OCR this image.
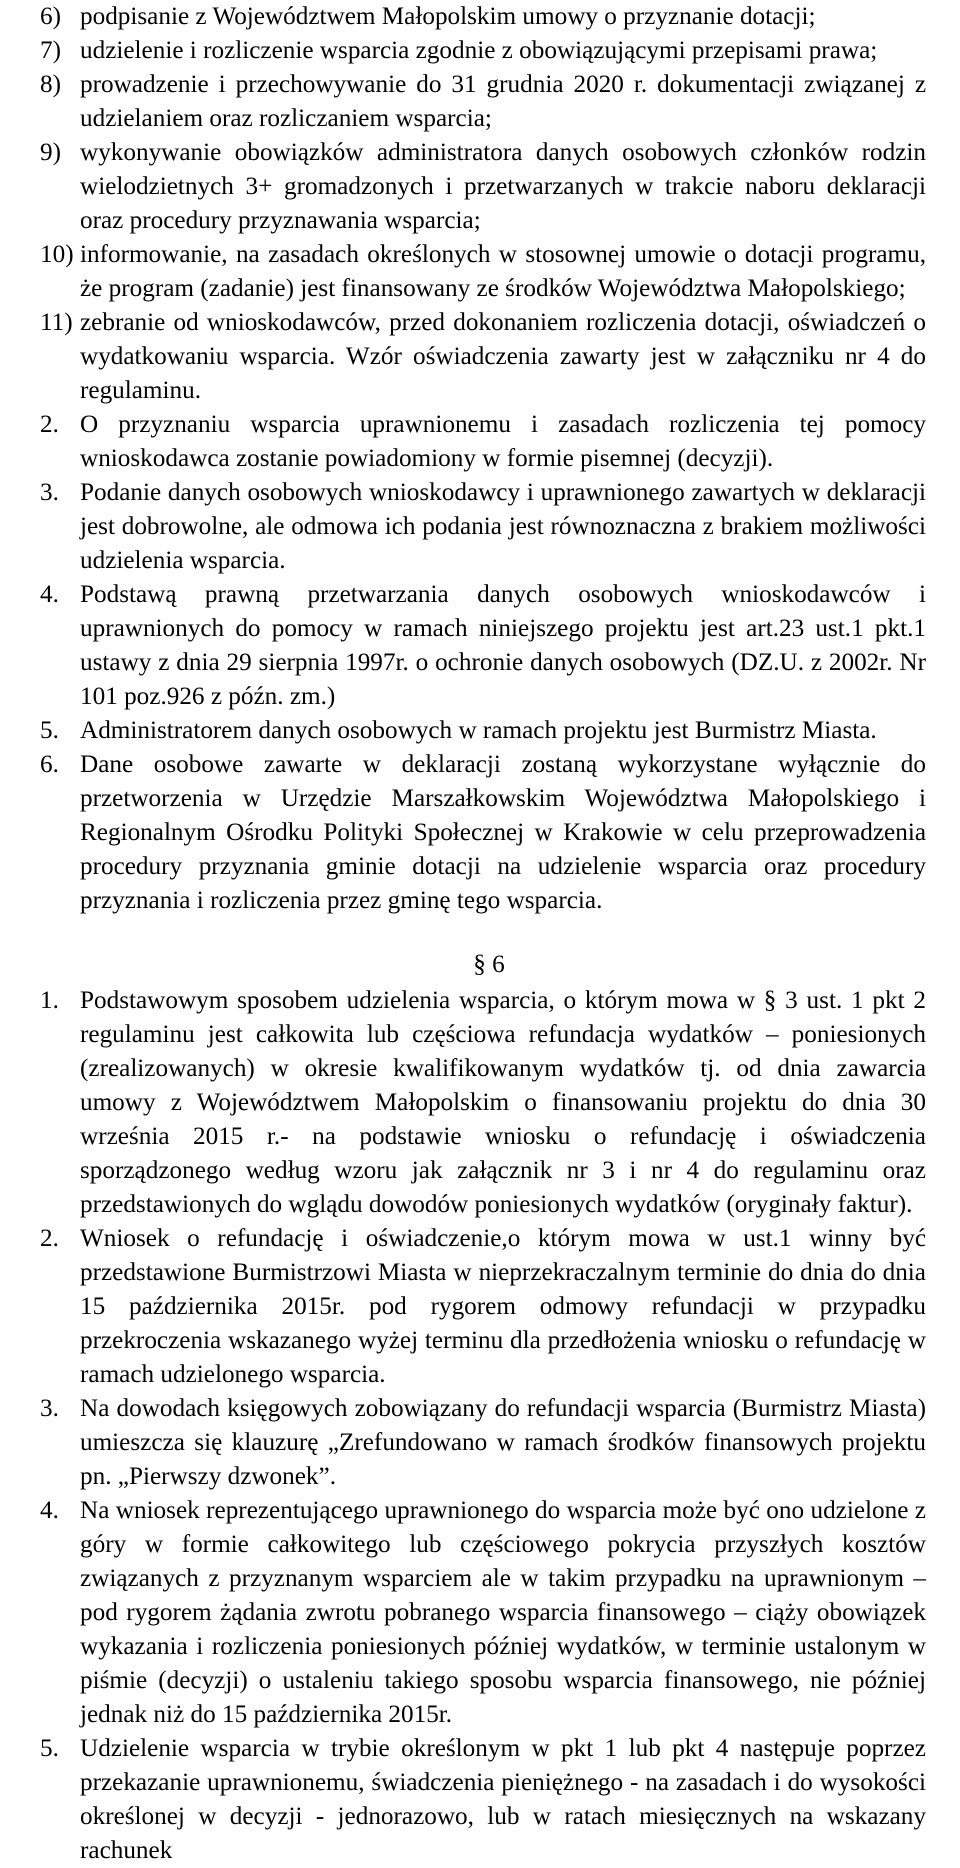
6) podpisanie z Województwem Małopolskim umowy o przyznanie dotacji;
7) udzielenie i rozliczenie wsparcia zgodnie z obowiązującymi przepisami prawa;
8) prowadzenie i przechowywanie do 31 grudnia 2020 r. dokumentacji związanej z udzielaniem oraz rozliczaniem wsparcia;
9) wykonywanie obowiązków administratora danych osobowych członków rodzin wielodzietnych 3+ gromadzonych i przetwarzanych w trakcie naboru deklaracji oraz procedury przyznawania wsparcia;
10) informowanie, na zasadach określonych w stosownej umowie o dotacji programu, że program (zadanie) jest finansowany ze środków Województwa Małopolskiego;
11) zebranie od wnioskodawców, przed dokonaniem rozliczenia dotacji, oświadczeń o wydatkowaniu wsparcia. Wzór oświadczenia zawarty jest w załączniku nr 4 do regulaminu.
2. O przyznaniu wsparcia uprawnionemu i zasadach rozliczenia tej pomocy wnioskodawca zostanie powiadomiony w formie pisemnej (decyzji).
3. Podanie danych osobowych wnioskodawcy i uprawnionego zawartych w deklaracji jest dobrowolne, ale odmowa ich podania jest równoznaczna z brakiem możliwości udzielenia wsparcia.
4. Podstawą prawną przetwarzania danych osobowych wnioskodawców i uprawnionych do pomocy w ramach niniejszego projektu jest art.23 ust.1 pkt.1 ustawy z dnia 29 sierpnia 1997r. o ochronie danych osobowych (DZ.U. z 2002r. Nr 101 poz.926 z późn. zm.)
5. Administratorem danych osobowych w ramach projektu jest Burmistrz Miasta.
6. Dane osobowe zawarte w deklaracji zostaną wykorzystane wyłącznie do przetworzenia w Urzędzie Marszałkowskim Województwa Małopolskiego i Regionalnym Ośrodku Polityki Społecznej w Krakowie w celu przeprowadzenia procedury przyznania gminie dotacji na udzielenie wsparcia oraz procedury przyznania i rozliczenia przez gminę tego wsparcia.
§ 6
1. Podstawowym sposobem udzielenia wsparcia, o którym mowa w § 3 ust. 1 pkt 2 regulaminu jest całkowita lub częściowa refundacja wydatków – poniesionych (zrealizowanych) w okresie kwalifikowanym wydatków tj. od dnia zawarcia umowy z Województwem Małopolskim o finansowaniu projektu do dnia 30 września 2015 r.- na podstawie wniosku o refundację i oświadczenia sporządzonego według wzoru jak załącznik nr 3 i nr 4 do regulaminu oraz przedstawionych do wglądu dowodów poniesionych wydatków (oryginały faktur).
2. Wniosek o refundację i oświadczenie,o którym mowa w ust.1 winny być przedstawione Burmistrzowi Miasta w nieprzekraczalnym terminie do dnia do dnia 15 października 2015r. pod rygorem odmowy refundacji w przypadku przekroczenia wskazanego wyżej terminu dla przedłożenia wniosku o refundację w ramach udzielonego wsparcia.
3. Na dowodach księgowych zobowiązany do refundacji wsparcia (Burmistrz Miasta) umieszcza się klauzurę „Zrefundowano w ramach środków finansowych projektu pn. „Pierwszy dzwonek”.
4. Na wniosek reprezentującego uprawnionego do wsparcia może być ono udzielone z góry w formie całkowitego lub częściowego pokrycia przyszłych kosztów związanych z przyznanym wsparciem ale w takim przypadku na uprawnionym – pod rygorem żądania zwrotu pobranego wsparcia finansowego – ciąży obowiązek wykazania i rozliczenia poniesionych później wydatków, w terminie ustalonym w piśmie (decyzji) o ustaleniu takiego sposobu wsparcia finansowego, nie później jednak niż do 15 października 2015r.
5. Udzielenie wsparcia w trybie określonym w pkt 1 lub pkt 4 następuje poprzez przekazanie uprawnionemu, świadczenia pieniężnego - na zasadach i do wysokości określonej w decyzji - jednorazowo, lub w ratach miesięcznych na wskazany rachunek
